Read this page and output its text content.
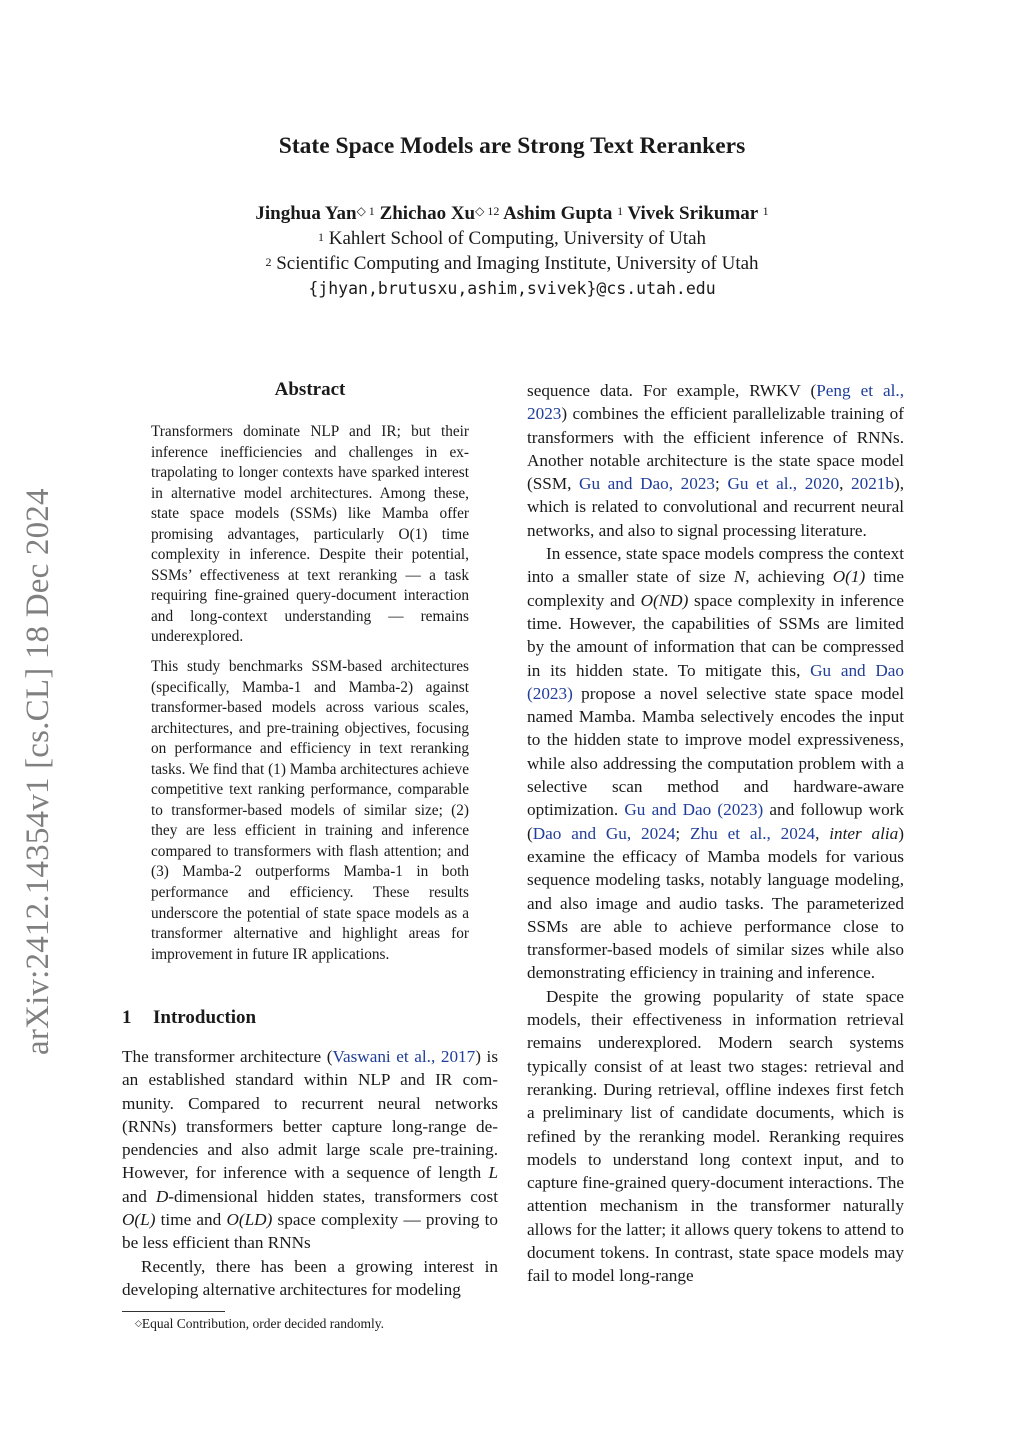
arXiv:2412.14354v1 [cs.CL] 18 Dec 2024
State Space Models are Strong Text Rerankers
Jinghua Yan$^{◇ 1}$ Zhichao $Xu^{◇ 12}$ Ashim Gupta $^1$ Vivek Srikumar $^1$
$^1$ Kahlert School of Computing, University of Utah
$^2$ Scientific Computing and Imaging Institute, University of Utah
{jhyan,brutusxu,ashim,svivek}@cs.utah.edu
Abstract
Transformers dominate NLP and IR; but their inference inefficiencies and challenges in extrapolating to longer contexts have sparked interest in alternative model architectures. Among these, state space models (SSMs) like Mamba offer promising advantages, particularly O(1) time complexity in inference. Despite their potential, SSMs’ effectiveness at text reranking — a task requiring fine-grained query-document interaction and long-context understanding — remains underexplored.
This study benchmarks SSM-based architectures (specifically, Mamba-1 and Mamba-2) against transformer-based models across various scales, architectures, and pre-training objectives, focusing on performance and efficiency in text reranking tasks. We find that (1) Mamba architectures achieve competitive text ranking performance, comparable to transformer-based models of similar size; (2) they are less efficient in training and inference compared to transformers with flash attention; and (3) Mamba-2 outperforms Mamba-1 in both performance and efficiency. These results underscore the potential of state space models as a transformer alternative and highlight areas for improvement in future IR applications.
1 Introduction

The transformer architecture (Vaswani et al., 2017) is an established standard within NLP and IR community. Compared to recurrent neural networks (RNNs) transformers better capture long-range dependencies and also admit large scale pre-training. However, for inference with a sequence of length L and D-dimensional hidden states, transformers cost O(L) time and O(LD) space complexity — proving to be less efficient than RNNs

Recently, there has been a growing interest in developing alternative architectures for modeling

sequence data. For example, RWKV (Peng et al., 2023) combines the efficient parallelizable training of transformers with the efficient inference of RNNs. Another notable architecture is the state space model (SSM, Gu and Dao, 2023; Gu et al., 2020, 2021b), which is related to convolutional and recurrent neural networks, and also to signal processing literature.

In essence, state space models compress the context into a smaller state of size N, achieving O(1) time complexity and O(ND) space complexity in inference time. However, the capabilities of SSMs are limited by the amount of information that can be compressed in its hidden state. To mitigate this, Gu and Dao (2023) propose a novel selective state space model named Mamba. Mamba selectively encodes the input to the hidden state to improve model expressiveness, while also addressing the computation problem with a selective scan method and hardware-aware optimization. Gu and Dao (2023) and followup work (Dao and Gu, 2024; Zhu et al., 2024, inter alia) examine the efficacy of Mamba models for various sequence modeling tasks, notably language modeling, and also image and audio tasks. The parameterized SSMs are able to achieve performance close to transformer-based models of similar sizes while also demonstrating efficiency in training and inference.

Despite the growing popularity of state space models, their effectiveness in information retrieval remains underexplored. Modern search systems typically consist of at least two stages: retrieval and reranking. During retrieval, offline indexes first fetch a preliminary list of candidate documents, which is refined by the reranking model. Reranking requires models to understand long context input, and to capture fine-grained query-document interactions. The attention mechanism in the transformer naturally allows for the latter; it allows query tokens to attend to document tokens. In contrast, state space models may fail to model long-range

◇Equal Contribution, order decided randomly.
